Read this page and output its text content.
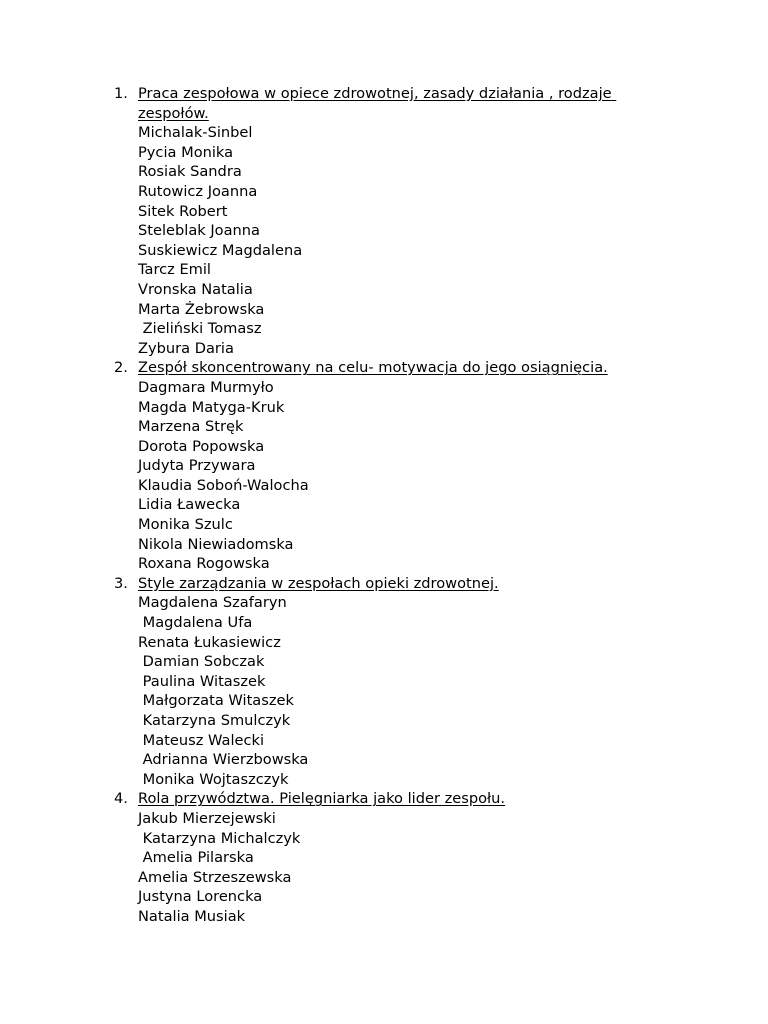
1. Praca zespołowa w opiece zdrowotnej, zasady działania , rodzaje zespołów.
Michalak-Sinbel
Pycia Monika
Rosiak Sandra
Rutowicz Joanna
Sitek Robert
Steleblak Joanna
Suskiewicz Magdalena
Tarcz Emil
Vronska Natalia
Marta Żebrowska
Zieliński Tomasz
Zybura Daria
2. Zespół skoncentrowany na celu- motywacja do jego osiągnięcia.
Dagmara Murmyło
Magda Matyga-Kruk
Marzena Stręk
Dorota Popowska
Judyta Przywara
Klaudia Soboń-Walocha
Lidia Ławecka
Monika Szulc
Nikola Niewiadomska
Roxana Rogowska
3. Style zarządzania w zespołach opieki zdrowotnej.
Magdalena Szafaryn
Magdalena Ufa
Renata Łukasiewicz
Damian Sobczak
Paulina Witaszek
Małgorzata Witaszek
Katarzyna Smulczyk
Mateusz Walecki
Adrianna Wierzbowska
Monika Wojtaszczyk
4. Rola przywództwa. Pielęgniarka jako lider zespołu.
Jakub Mierzejewski
Katarzyna Michalczyk
Amelia Pilarska
Amelia Strzeszewska
Justyna Lorencka
Natalia Musiak
